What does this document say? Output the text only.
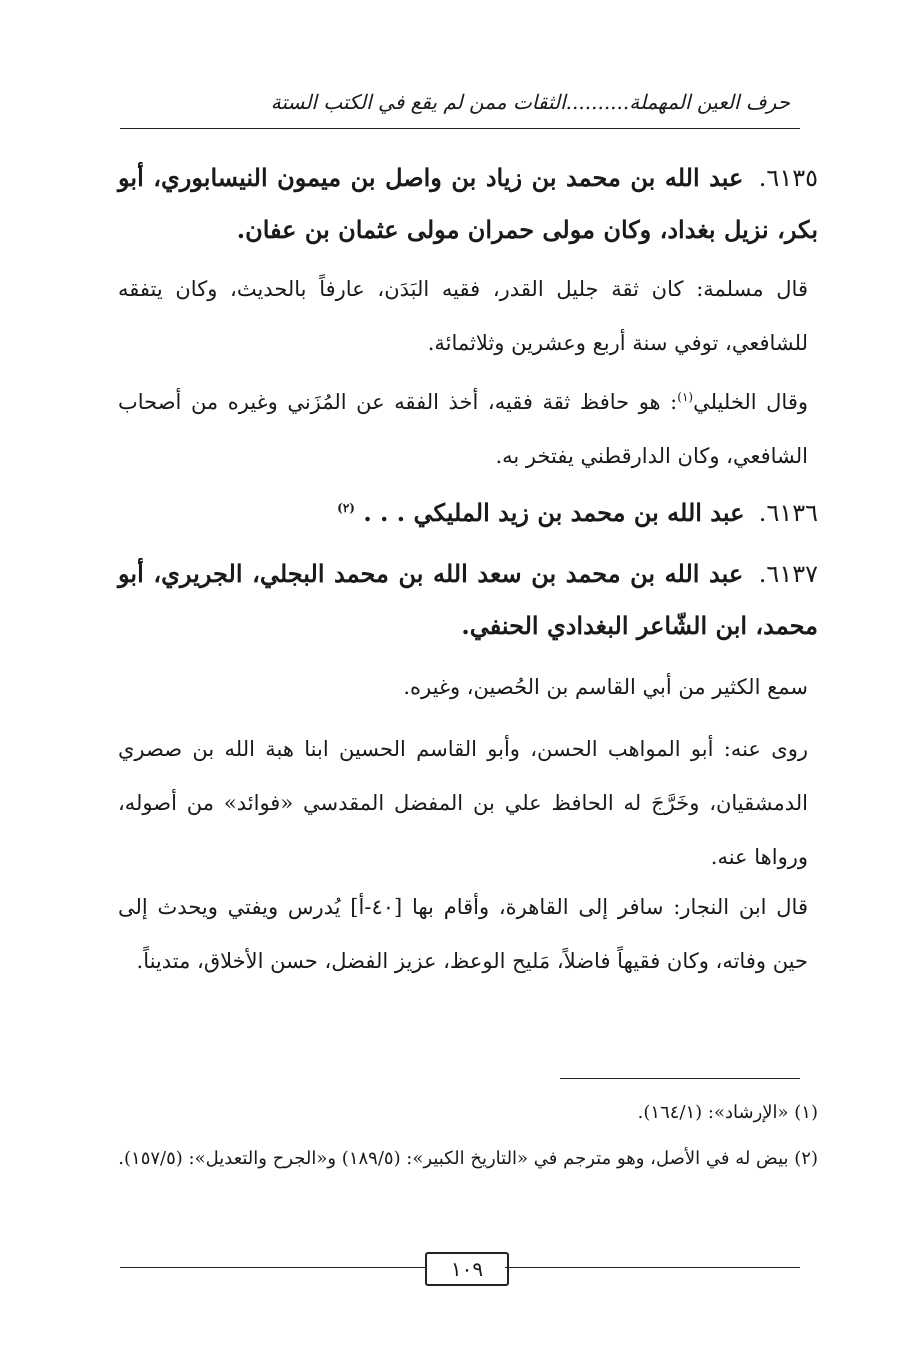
حرف العين المهملة..........الثقات ممن لم يقع في الكتب الستة
٦١٣٥. عبد الله بن محمد بن زياد بن واصل بن ميمون النيسابوري، أبو بكر، نزيل بغداد، وكان مولى حمران مولى عثمان بن عفان.
قال مسلمة: كان ثقة جليل القدر، فقيه البَدَن، عارفاً بالحديث، وكان يتفقه للشافعي، توفي سنة أربع وعشرين وثلاثمائة.
وقال الخليلي$^{(١)}$: هو حافظ ثقة فقيه، أخذ الفقه عن المُزَني وغيره من أصحاب الشافعي، وكان الدارقطني يفتخر به.
٦١٣٦. عبد الله بن محمد بن زيد المليكي . . . $^{(٢)}$
٦١٣٧. عبد الله بن محمد بن سعد الله بن محمد البجلي، الجريري، أبو محمد، ابن الشّاعر البغدادي الحنفي.
سمع الكثير من أبي القاسم بن الحُصين، وغيره.
روى عنه: أبو المواهب الحسن، وأبو القاسم الحسين ابنا هبة الله بن صصري الدمشقيان، وخَرَّجَ له الحافظ علي بن المفضل المقدسي «فوائد» من أصوله، ورواها عنه.
قال ابن النجار: سافر إلى القاهرة، وأقام بها [٤٠-أ] يُدرس ويفتي ويحدث إلى حين وفاته، وكان فقيهاً فاضلاً، مَليح الوعظ، عزيز الفضل، حسن الأخلاق، متديناً.
(١) «الإرشاد»: (١٦٤/١).
(٢) بيض له في الأصل، وهو مترجم في «التاريخ الكبير»: (١٨٩/٥) و«الجرح والتعديل»: (١٥٧/٥).
١٠٩
